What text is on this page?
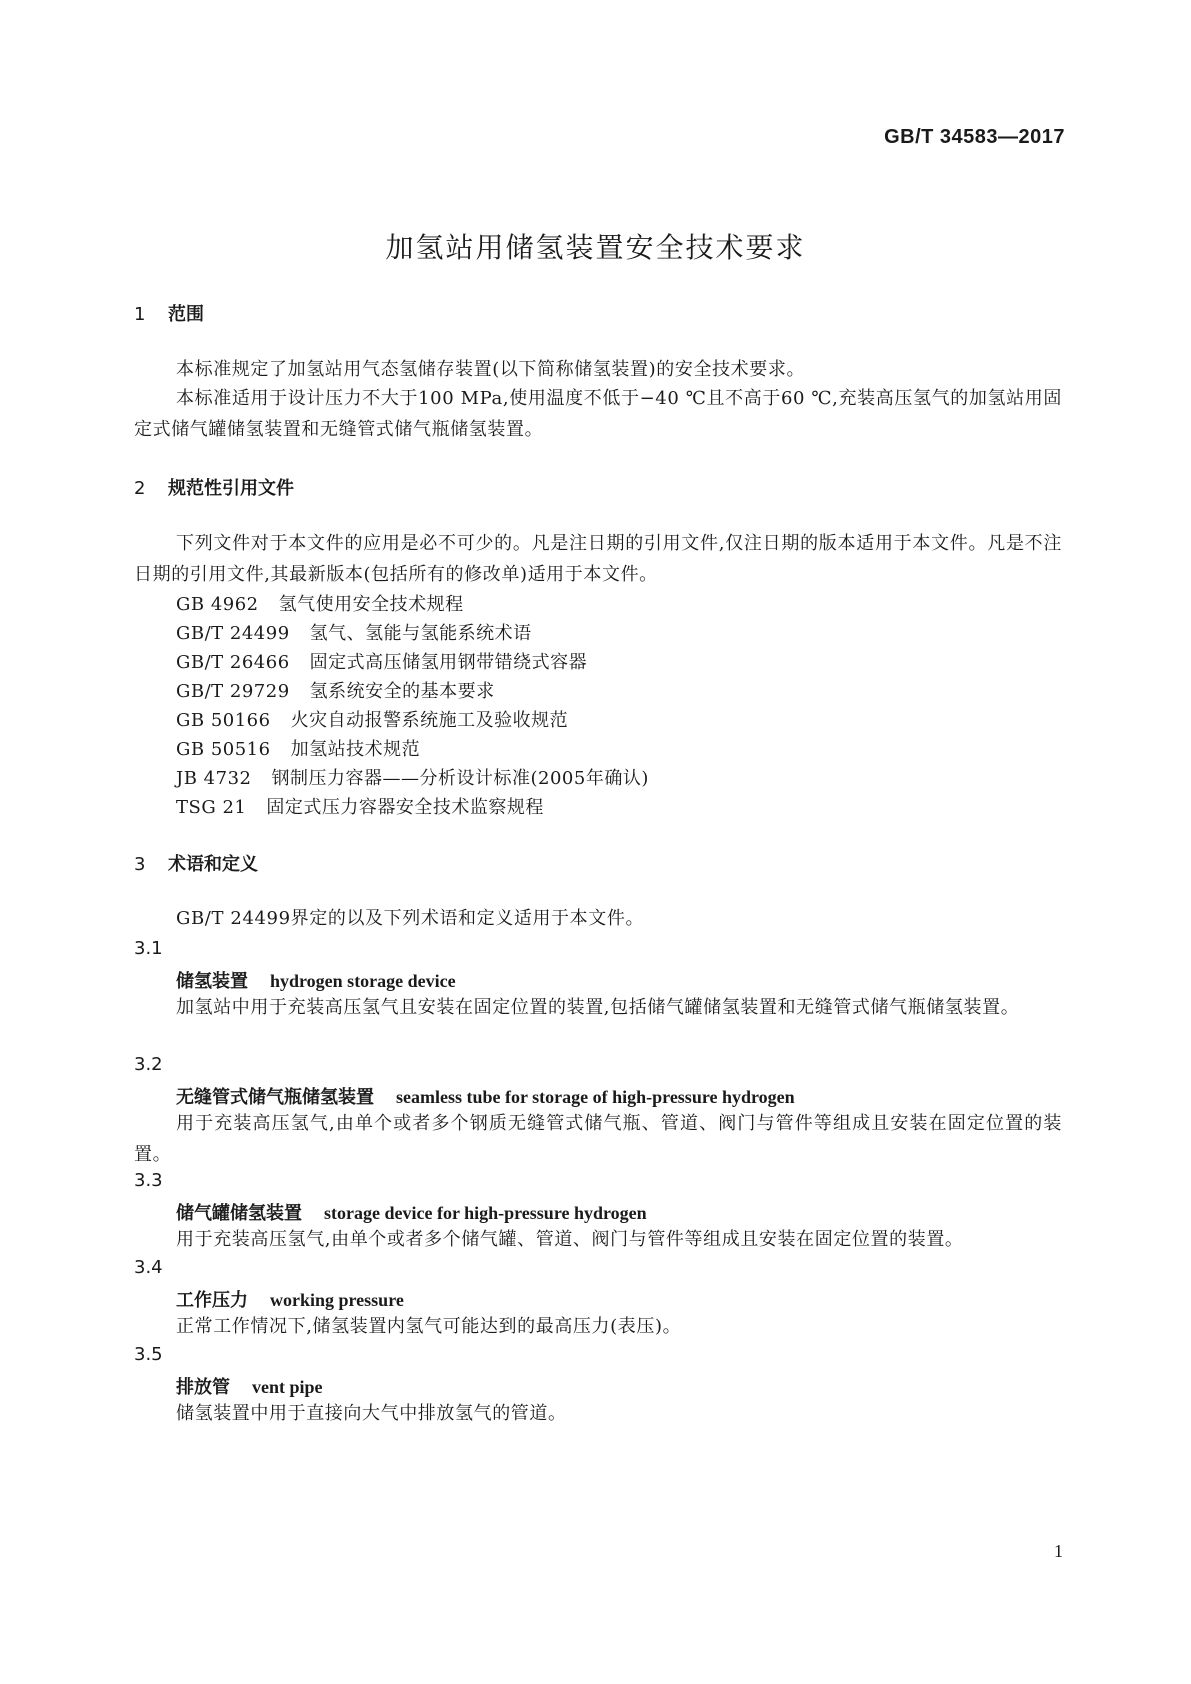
GB/T 34583—2017
加氢站用储氢装置安全技术要求
1 范围
本标准规定了加氢站用气态氢储存装置(以下简称储氢装置)的安全技术要求。
本标准适用于设计压力不大于100 MPa,使用温度不低于−40 ℃且不高于60 ℃,充装高压氢气的加氢站用固定式储气罐储氢装置和无缝管式储气瓶储氢装置。
2 规范性引用文件
下列文件对于本文件的应用是必不可少的。凡是注日期的引用文件,仅注日期的版本适用于本文件。凡是不注日期的引用文件,其最新版本(包括所有的修改单)适用于本文件。
GB 4962 氢气使用安全技术规程
GB/T 24499 氢气、氢能与氢能系统术语
GB/T 26466 固定式高压储氢用钢带错绕式容器
GB/T 29729 氢系统安全的基本要求
GB 50166 火灾自动报警系统施工及验收规范
GB 50516 加氢站技术规范
JB 4732 钢制压力容器——分析设计标准(2005年确认)
TSG 21 固定式压力容器安全技术监察规程
3 术语和定义
GB/T 24499界定的以及下列术语和定义适用于本文件。
3.1
储氢装置 hydrogen storage device
加氢站中用于充装高压氢气且安装在固定位置的装置,包括储气罐储氢装置和无缝管式储气瓶储氢装置。
3.2
无缝管式储气瓶储氢装置 seamless tube for storage of high-pressure hydrogen
用于充装高压氢气,由单个或者多个钢质无缝管式储气瓶、管道、阀门与管件等组成且安装在固定位置的装置。
3.3
储气罐储氢装置 storage device for high-pressure hydrogen
用于充装高压氢气,由单个或者多个储气罐、管道、阀门与管件等组成且安装在固定位置的装置。
3.4
工作压力 working pressure
正常工作情况下,储氢装置内氢气可能达到的最高压力(表压)。
3.5
排放管 vent pipe
储氢装置中用于直接向大气中排放氢气的管道。
1
